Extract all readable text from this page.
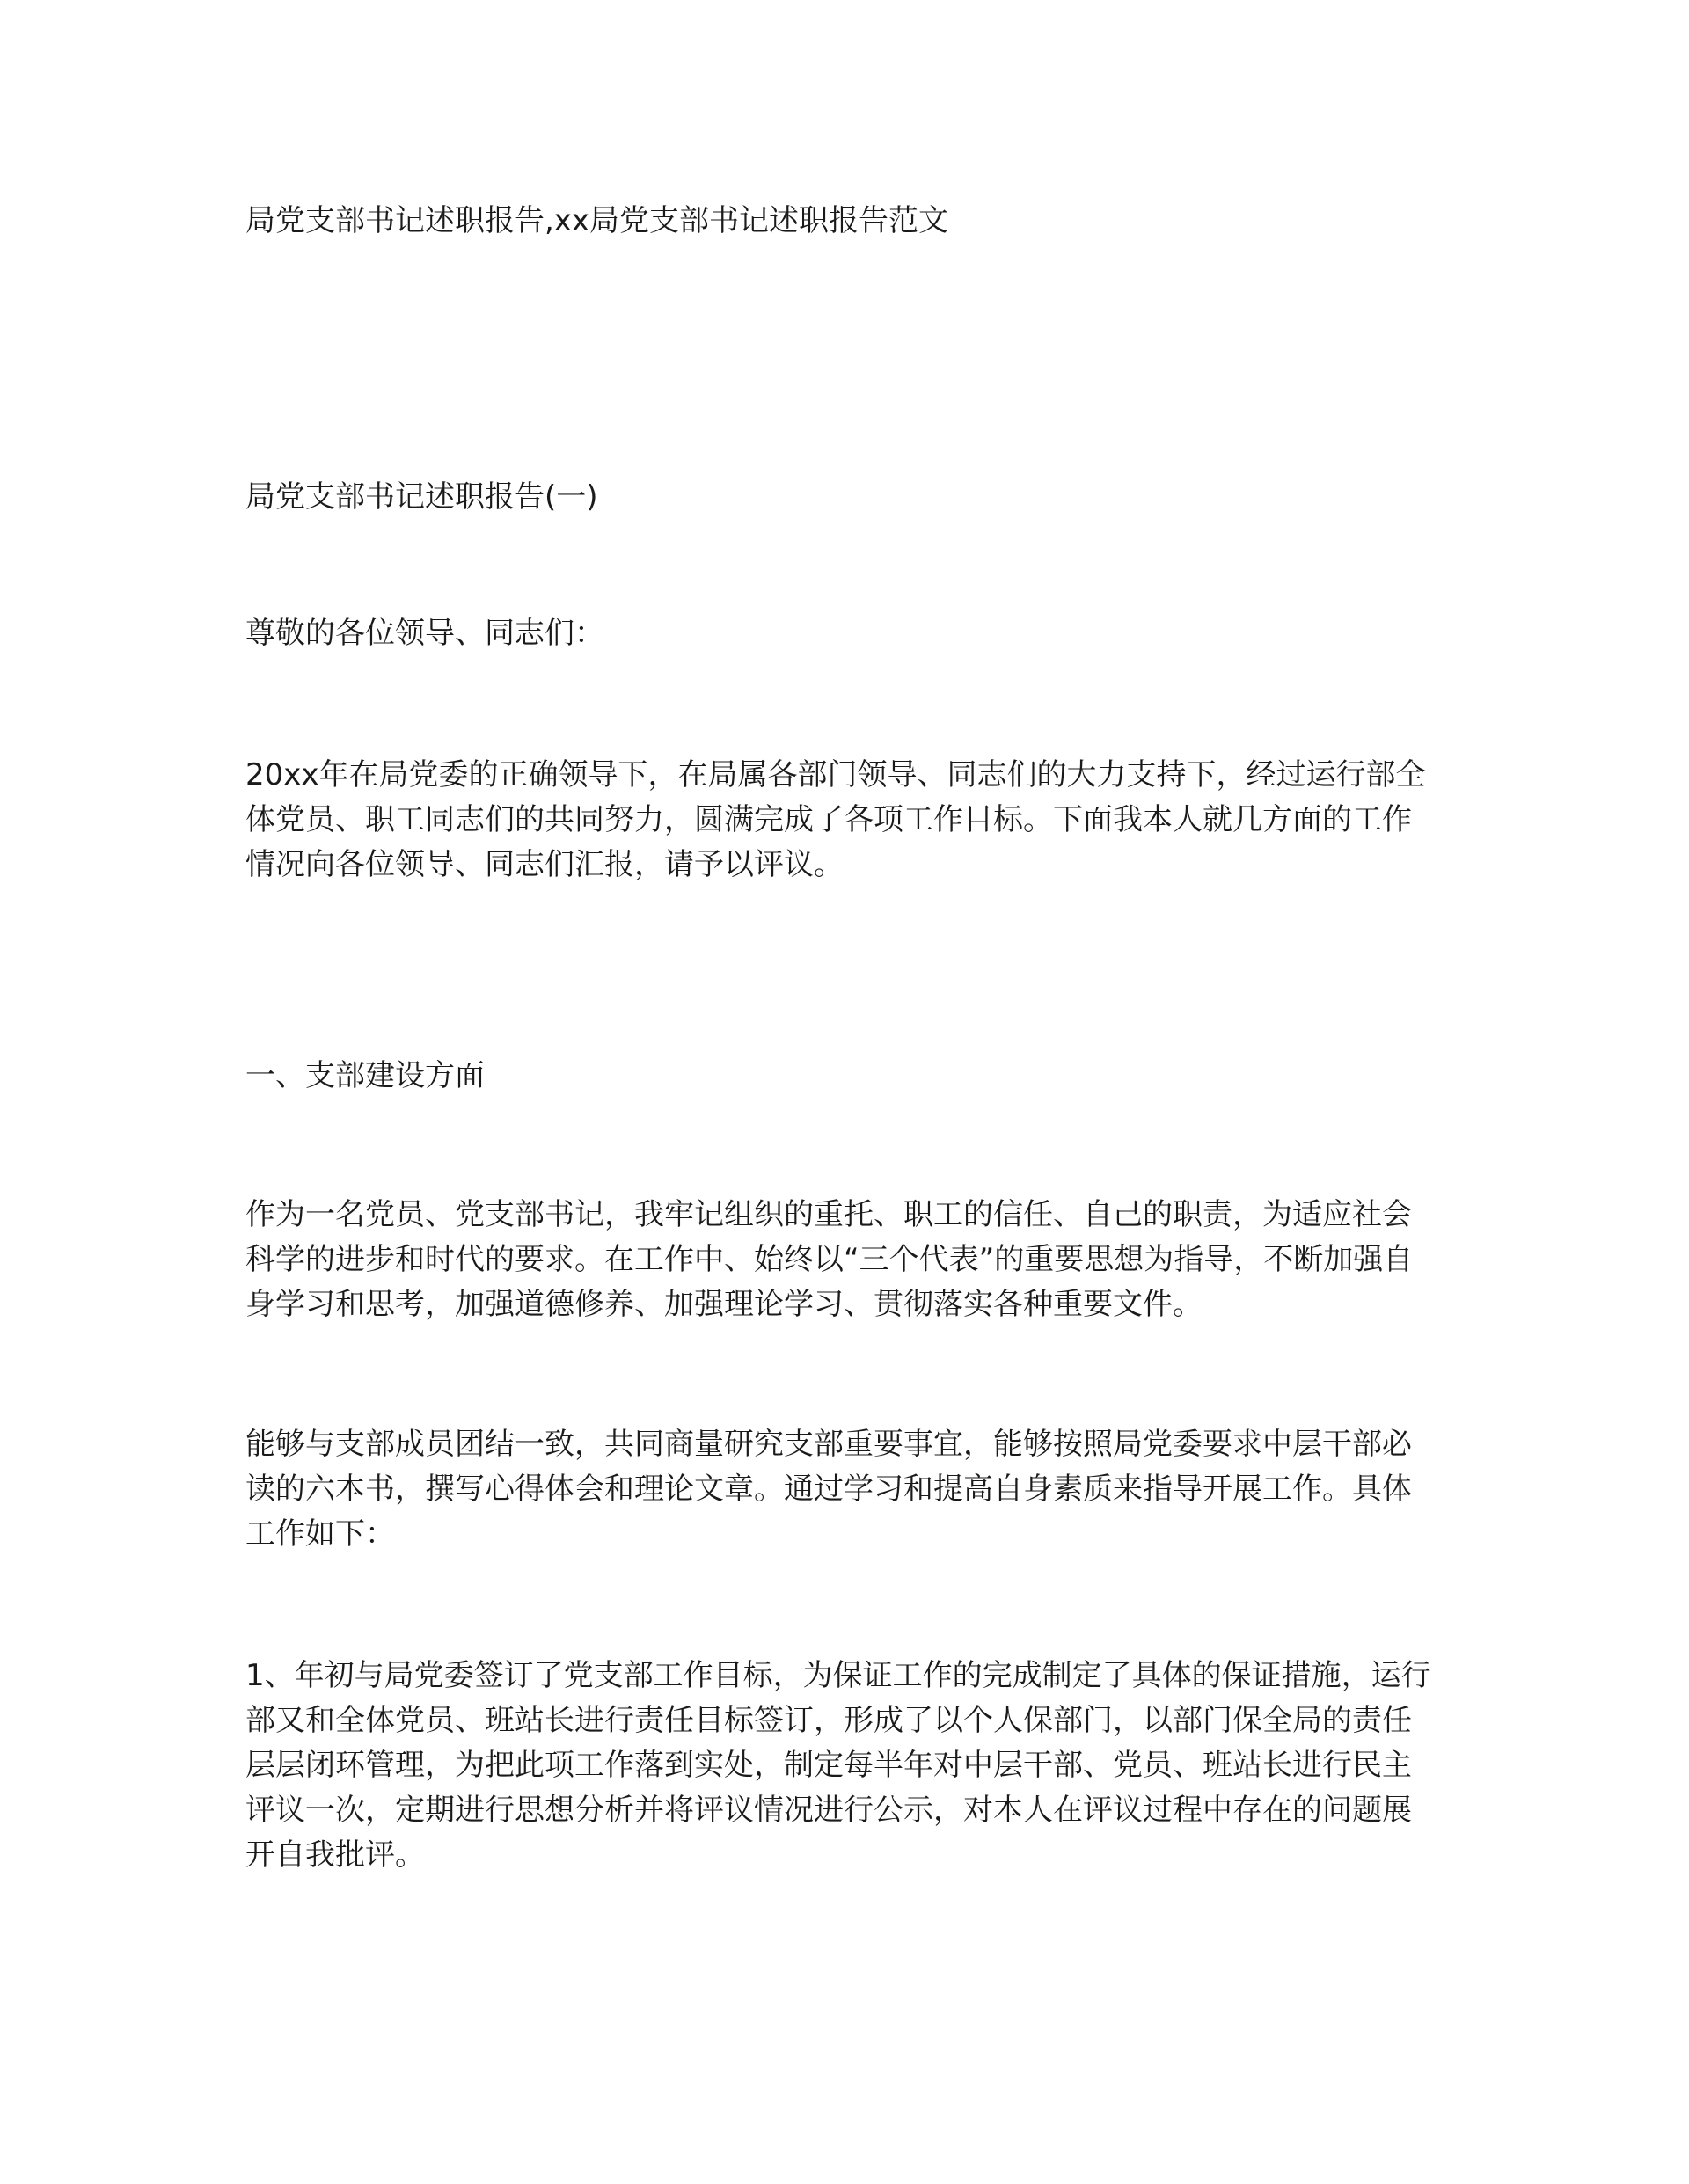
局党支部书记述职报告,xx局党支部书记述职报告范文

局党支部书记述职报告(一)

尊敬的各位领导、同志们：

20xx年在局党委的正确领导下，在局属各部门领导、同志们的大力支持下，经过运行部全体党员、职工同志们的共同努力，圆满完成了各项工作目标。下面我本人就几方面的工作情况向各位领导、同志们汇报，请予以评议。

一、支部建设方面

作为一名党员、党支部书记，我牢记组织的重托、职工的信任、自己的职责，为适应社会科学的进步和时代的要求。在工作中、始终以“三个代表”的重要思想为指导，不断加强自身学习和思考，加强道德修养、加强理论学习、贯彻落实各种重要文件。

能够与支部成员团结一致，共同商量研究支部重要事宜，能够按照局党委要求中层干部必读的六本书，撰写心得体会和理论文章。通过学习和提高自身素质来指导开展工作。具体工作如下：

1、年初与局党委签订了党支部工作目标，为保证工作的完成制定了具体的保证措施，运行部又和全体党员、班站长进行责任目标签订，形成了以个人保部门，以部门保全局的责任层层闭环管理，为把此项工作落到实处，制定每半年对中层干部、党员、班站长进行民主评议一次，定期进行思想分析并将评议情况进行公示，对本人在评议过程中存在的问题展开自我批评。
